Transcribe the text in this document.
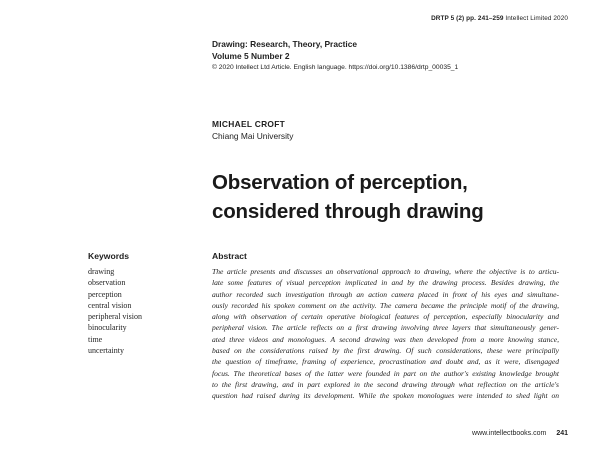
DRTP 5 (2) pp. 241–259 Intellect Limited 2020
Drawing: Research, Theory, Practice
Volume 5 Number 2
© 2020 Intellect Ltd Article. English language. https://doi.org/10.1386/drtp_00035_1
MICHAEL CROFT
Chiang Mai University
Observation of perception,
considered through drawing
Keywords
drawing
observation
perception
central vision
peripheral vision
binocularity
time
uncertainty
Abstract
The article presents and discusses an observational approach to drawing, where the objective is to articu-
late some features of visual perception implicated in and by the drawing process. Besides drawing, the
author recorded such investigation through an action camera placed in front of his eyes and simultane-
ously recorded his spoken comment on the activity. The camera became the principle motif of the drawing,
along with observation of certain operative biological features of perception, especially binocularity and
peripheral vision. The article reflects on a first drawing involving three layers that simultaneously gener-
ated three videos and monologues. A second drawing was then developed from a more knowing stance,
based on the considerations raised by the first drawing. Of such considerations, these were principally
the question of timeframe, framing of experience, procrastination and doubt and, as it were, disengaged
focus. The theoretical bases of the latter were founded in part on the author's existing knowledge brought
to the first drawing, and in part explored in the second drawing through what reflection on the article's
question had raised during its development. While the spoken monologues were intended to shed light on
www.intellectbooks.com 241
